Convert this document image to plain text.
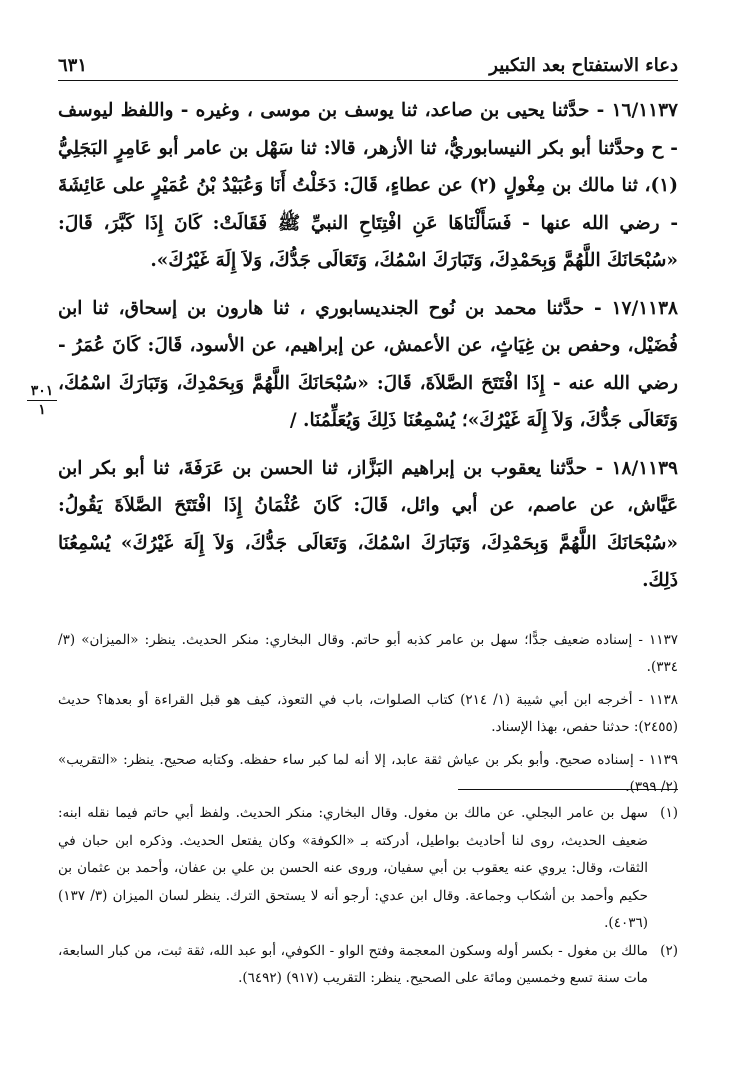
دعاء الاستفتاح بعد التكبير
٦٣١

١٦/١١٣٧ - حدَّثنا يحيى بن صاعد، ثنا يوسف بن موسى ، وغيره - واللفظ ليوسف - ح وحدَّثنا أبو بكر النيسابوريُّ، ثنا الأزهر، قالا: ثنا سَهْل بن عامر أبو عَامِرٍ البَجَلِيُّ (١)، ثنا مالك بن مِغْولٍ (٢) عن عطاءٍ، قَالَ: دَخَلْتُ أَنَا وَعُبَيْدُ بْنُ عُمَيْرٍ على عَائِشَةَ - رضي الله عنها - فَسَأَلْنَاهَا عَنِ افْتِتَاحِ النبيِّ ﷺ فَقَالَتْ: كَانَ إِذَا كَبَّرَ، قَالَ: «سُبْحَانَكَ اللَّهُمَّ وَبِحَمْدِكَ، وَتَبَارَكَ اسْمُكَ، وَتَعَالَى جَدُّكَ، وَلاَ إِلَهَ غَيْرُكَ».

١٧/١١٣٨ - حدَّثنا محمد بن نُوح الجنديسابوري ، ثنا هارون بن إسحاق، ثنا ابن فُضَيْل، وحفص بن غِيَاثٍ، عن الأعمش، عن إبراهيم، عن الأسود، قَالَ: كَانَ عُمَرُ - رضي الله عنه - إِذَا افْتَتَحَ الصَّلاَةَ، قَالَ: «سُبْحَانَكَ اللَّهُمَّ وَبِحَمْدِكَ، وَتَبَارَكَ اسْمُكَ، وَتَعَالَى جَدُّكَ، وَلاَ إِلَهَ غَيْرُكَ»؛ يُسْمِعُنَا ذَلِكَ وَيُعَلِّمُنَا. /

١٨/١١٣٩ - حدَّثنا يعقوب بن إبراهيم البَزَّاز، ثنا الحسن بن عَرَفَةَ، ثنا أبو بكر ابن عَيَّاش، عن عاصم، عن أبي وائل، قَالَ: كَانَ عُثْمَانُ إِذَا افْتَتَحَ الصَّلاَةَ يَقُولُ: «سُبْحَانَكَ اللَّهُمَّ وَبِحَمْدِكَ، وَتَبَارَكَ اسْمُكَ، وَتَعَالَى جَدُّكَ، وَلاَ إِلَهَ غَيْرُكَ» يُسْمِعُنَا ذَلِكَ.

٣٠١
١

١١٣٧ - إسناده ضعيف جدًّا؛ سهل بن عامر كذبه أبو حاتم. وقال البخاري: منكر الحديث. ينظر: «الميزان» (٣/ ٣٣٤).

١١٣٨ - أخرجه ابن أبي شيبة (١/ ٢١٤) كتاب الصلوات، باب في التعوذ، كيف هو قبل القراءة أو بعدها؟ حديث (٢٤٥٥): حدثنا حفص، بهذا الإسناد.

١١٣٩ - إسناده صحيح. وأبو بكر بن عياش ثقة عابد، إلا أنه لما كبر ساء حفظه. وكتابه صحيح. ينظر: «التقريب» (٢/ ٣٩٩).

(١)
سهل بن عامر البجلي. عن مالك بن مغول. وقال البخاري: منكر الحديث. ولفظ أبي حاتم فيما نقله ابنه: ضعيف الحديث، روى لنا أحاديث بواطيل، أدركته بـ «الكوفة» وكان يفتعل الحديث. وذكره ابن حبان في الثقات، وقال: يروي عنه يعقوب بن أبي سفيان، وروى عنه الحسن بن علي بن عفان، وأحمد بن عثمان بن حكيم وأحمد بن أشكاب وجماعة. وقال ابن عدي: أرجو أنه لا يستحق الترك. ينظر لسان الميزان (٣/ ١٣٧) (٤٠٣٦).
(٢)
مالك بن مغول - بكسر أوله وسكون المعجمة وفتح الواو - الكوفي، أبو عبد الله، ثقة ثبت، من كبار السابعة، مات سنة تسع وخمسين ومائة على الصحيح. ينظر: التقريب (٩١٧) (٦٤٩٢).
